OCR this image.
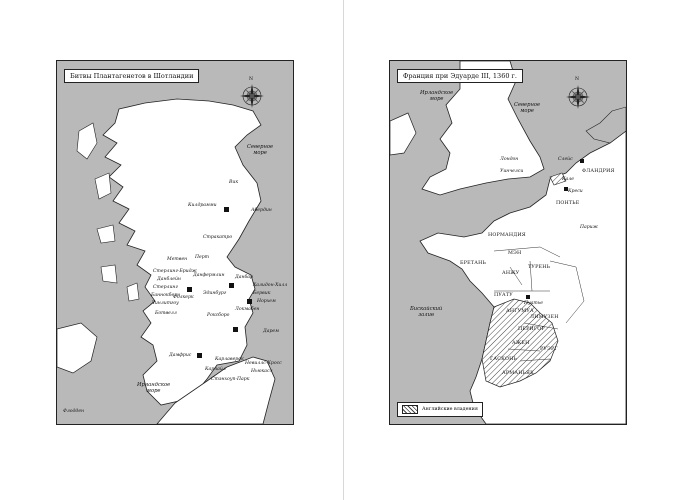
Битвы Плантагенетов в Шотландии	N
Северное
море
Ирландское
море
Вик
Килдрамми
Абердин
Стракатро
Метвен Перт
Стерлинг-Бридж
Данблейн
Стерлинг
Баннокберн
Данфермлин
Фолкерк
Линлитгоу
Ботвелл
Эдинбург
Данбар
Локмабен
Роксборо
Бервик
Дамфрис
Карлаверок
Карлайл
Невиллс-Кросс
Ньюкасл
Халидон-Хилл
Стэнхоуп-Парк
Флодден
Норхем
Дарем
Франция при Эдуарде III, 1360 г.	N
Ирландское
море
Северное
море
Бискайский
залив
Лондон
Уинчелси
Слейс
ФЛАНДРИЯ
Кале
Креси
ПОНТЬЕ
Париж
НОРМАНДИЯ
МЭН
БРЕТАНЬ
АНЖУ
ТУРЕНЬ
ПУАТУ
Пуатье
АНГУМУА
ЛИМУЗЕН
ПЕРИГОР
АЖЕН
РУЭРГ
ГАСКОНЬ
АРМАНЬЯК
Английские владения
